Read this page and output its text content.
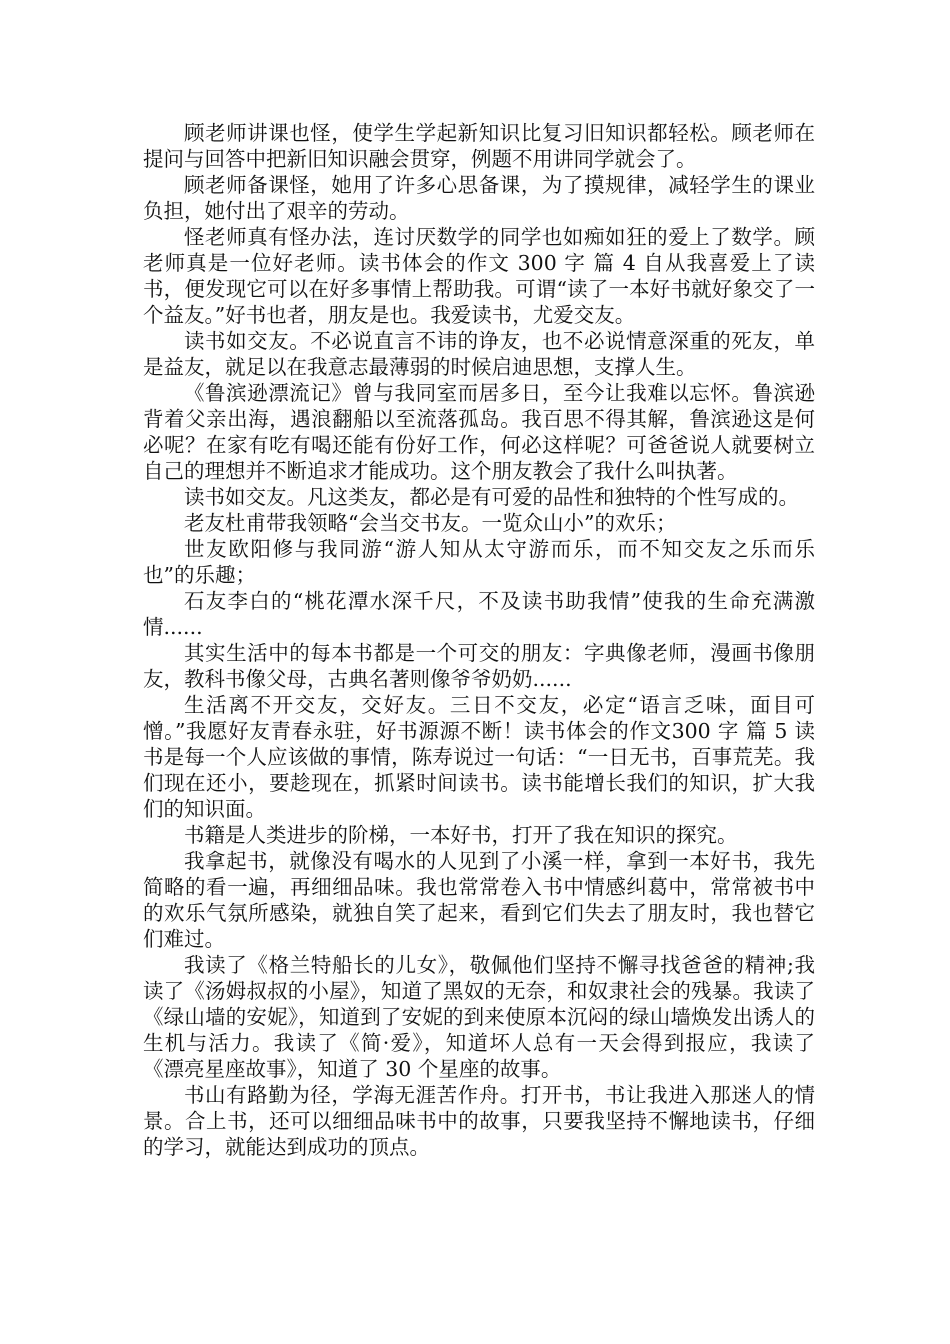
顾老师讲课也怪，使学生学起新知识比复习旧知识都轻松。顾老师在提问与回答中把新旧知识融会贯穿，例题不用讲同学就会了。

顾老师备课怪，她用了许多心思备课，为了摸规律，减轻学生的课业负担，她付出了艰辛的劳动。

怪老师真有怪办法，连讨厌数学的同学也如痴如狂的爱上了数学。顾老师真是一位好老师。读书体会的作文 300 字 篇 4 自从我喜爱上了读书，便发现它可以在好多事情上帮助我。可谓“读了一本好书就好象交了一个益友。”好书也者，朋友是也。我爱读书，尤爱交友。

读书如交友。不必说直言不讳的诤友，也不必说情意深重的死友，单是益友，就足以在我意志最薄弱的时候启迪思想，支撑人生。

《鲁滨逊漂流记》曾与我同室而居多日，至今让我难以忘怀。鲁滨逊背着父亲出海，遇浪翻船以至流落孤岛。我百思不得其解，鲁滨逊这是何必呢？在家有吃有喝还能有份好工作，何必这样呢？可爸爸说人就要树立自己的理想并不断追求才能成功。这个朋友教会了我什么叫执著。

读书如交友。凡这类友，都必是有可爱的品性和独特的个性写成的。

老友杜甫带我领略“会当交书友。一览众山小”的欢乐；

世友欧阳修与我同游“游人知从太守游而乐，而不知交友之乐而乐也”的乐趣；

石友李白的“桃花潭水深千尺，不及读书助我情”使我的生命充满激情......

其实生活中的每本书都是一个可交的朋友：字典像老师，漫画书像朋友，教科书像父母，古典名著则像爷爷奶奶......

生活离不开交友，交好友。三日不交友，必定“语言乏味，面目可憎。”我愿好友青春永驻，好书源源不断！读书体会的作文300 字 篇 5 读书是每一个人应该做的事情，陈寿说过一句话：“一日无书，百事荒芜。我们现在还小，要趁现在，抓紧时间读书。读书能增长我们的知识，扩大我们的知识面。

书籍是人类进步的阶梯，一本好书，打开了我在知识的探究。

我拿起书，就像没有喝水的人见到了小溪一样，拿到一本好书，我先简略的看一遍，再细细品味。我也常常卷入书中情感纠葛中，常常被书中的欢乐气氛所感染，就独自笑了起来，看到它们失去了朋友时，我也替它们难过。

我读了《格兰特船长的儿女》，敬佩他们坚持不懈寻找爸爸的精神;我读了《汤姆叔叔的小屋》，知道了黑奴的无奈，和奴隶社会的残暴。我读了《绿山墙的安妮》，知道到了安妮的到来使原本沉闷的绿山墙焕发出诱人的生机与活力。我读了《简·爱》，知道坏人总有一天会得到报应，我读了《漂亮星座故事》，知道了 30 个星座的故事。

书山有路勤为径，学海无涯苦作舟。打开书，书让我进入那迷人的情景。合上书，还可以细细品味书中的故事，只要我坚持不懈地读书，仔细的学习，就能达到成功的顶点。
